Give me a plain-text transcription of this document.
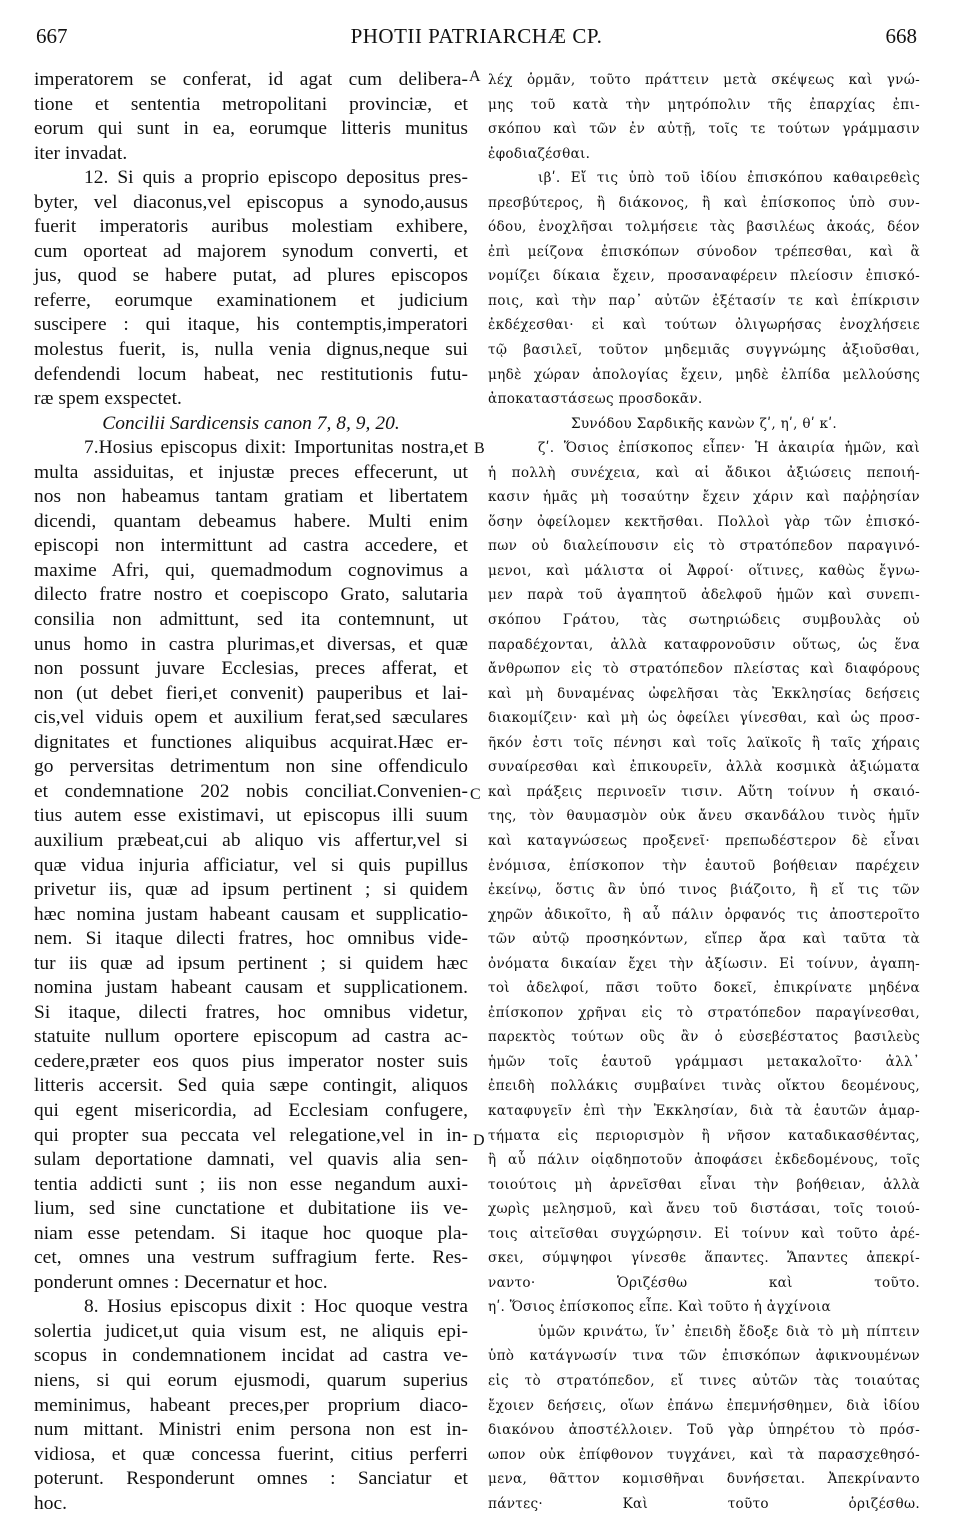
667	PHOTII PATRIARCHÆ CP.	668
imperatorem se conferat, id agat cum delibera-
tione et sententia metropolitani provinciæ, et
eorum qui sunt in ea, eorumque litteris munitus
iter invadat.
12. Si quis a proprio episcopo depositus pres-
byter, vel diaconus,vel episcopus a synodo,ausus
fuerit imperatoris auribus molestiam exhibere,
cum oporteat ad majorem synodum converti, et
jus, quod se habere putat, ad plures episcopos
referre, eorumque examinationem et judicium
suscipere : qui itaque, his contemptis,imperatori
molestus fuerit, is, nulla venia dignus,neque sui
defendendi locum habeat, nec restitutionis futu-
ræ spem exspectet.
Concilii Sardicensis canon 7, 8, 9, 20.
7.Hosius episcopus dixit: Importunitas nostra,et
multa assiduitas, et injustæ preces effecerunt, ut
nos non habeamus tantam gratiam et libertatem
dicendi, quantam debeamus habere. Multi enim
episcopi non intermittunt ad castra accedere, et
maxime Afri, qui, quemadmodum cognovimus a
dilecto fratre nostro et coepiscopo Grato, salutaria
consilia non admittunt, sed ita contemnunt, ut
unus homo in castra plurimas,et diversas, et quæ
non possunt juvare Ecclesias, preces afferat, et
non (ut debet fieri,et convenit) pauperibus et lai-
cis,vel viduis opem et auxilium ferat,sed sæculares
dignitates et functiones aliquibus acquirat.Hæc er-
go perversitas detrimentum non sine offendiculo
et condemnatione 202 nobis conciliat.Convenien-
tius autem esse existimavi, ut episcopus illi suum
auxilium præbeat,cui ab aliquo vis affertur,vel si
quæ vidua injuria afficiatur, vel si quis pupillus
privetur iis, quæ ad ipsum pertinent ; si quidem
hæc nomina justam habeant causam et supplicatio-
nem. Si itaque dilecti fratres, hoc omnibus vide-
tur iis quæ ad ipsum pertinent ; si quidem hæc
nomina justam habeant causam et supplicationem.
Si itaque, dilecti fratres, hoc omnibus videtur,
statuite nullum oportere episcopum ad castra ac-
cedere,præter eos quos pius imperator noster suis
litteris accersit. Sed quia sæpe contingit, aliquos
qui egent misericordia, ad Ecclesiam confugere,
qui propter sua peccata vel relegatione,vel in in-
sulam deportatione damnati, vel quavis alia sen-
tentia addicti sunt ; iis non esse negandum auxi-
lium, sed sine cunctatione et dubitatione iis ve-
niam esse petendam. Si itaque hoc quoque pla-
cet, omnes una vestrum suffragium ferte. Res-
ponderunt omnes : Decernatur et hoc.
8. Hosius episcopus dixit : Hoc quoque vestra
solertia judicet,ut quia visum est, ne aliquis epi-
scopus in condemnationem incidat ad castra ve-
niens, si qui eorum ejusmodi, quarum superius
meminimus, habeant preces,per proprium diaco-
num mittant. Ministri enim persona non est in-
vidiosa, et quæ concessa fuerint, citius perferri
poterunt. Responderunt omnes : Sanciatur et
hoc.
λέχ ὁρμᾶν, τοῦτο πράττειν μετὰ σκέψεως καὶ γνώ-
μης τοῦ κατὰ τὴν μητρόπολιν τῆς ἐπαρχίας ἐπι-
σκόπου καὶ τῶν ἐν αὐτῇ, τοῖς τε τούτων γράμμασιν
ἐφοδιαζέσθαι.
ιβʹ. Εἴ τις ὑπὸ τοῦ ἰδίου ἐπισκόπου καθαιρεθεὶς
πρεσβύτερος, ἢ διάκονος, ἢ καὶ ἐπίσκοπος ὑπὸ συν-
όδου, ἐνοχλῆσαι τολμήσειε τὰς βασιλέως ἀκοάς, δέον
ἐπὶ μείζονα ἐπισκόπων σύνοδον τρέπεσθαι, καὶ ἃ
νομίζει δίκαια ἔχειν, προσαναφέρειν πλείοσιν ἐπισκό-
ποις, καὶ τὴν παρ᾽ αὐτῶν ἐξέτασίν τε καὶ ἐπίκρισιν
ἐκδέχεσθαι· εἰ καὶ τούτων ὀλιγωρήσας ἐνοχλήσειε
τῷ βασιλεῖ, τοῦτον μηδεμιᾶς συγγνώμης ἀξιοῦσθαι,
μηδὲ χώραν ἀπολογίας ἔχειν, μηδὲ ἐλπίδα μελλούσης
ἀποκαταστάσεως προσδοκᾶν.
Συνόδου Σαρδικῆς κανὼν ζʹ, ηʹ, θʹ κʹ.
ζʹ. Ὅσιος ἐπίσκοπος εἶπεν· Ἡ ἀκαιρία ἡμῶν, καὶ
ἡ πολλὴ συνέχεια, καὶ αἱ ἄδικοι ἀξιώσεις πεποιή-
κασιν ἡμᾶς μὴ τοσαύτην ἔχειν χάριν καὶ παῤῥησίαν
ὅσην ὀφείλομεν κεκτῆσθαι. Πολλοὶ γὰρ τῶν ἐπισκό-
πων οὐ διαλείπουσιν εἰς τὸ στρατόπεδον παραγινό-
μενοι, καὶ μάλιστα οἱ Ἀφροί· οἵτινες, καθὼς ἔγνω-
μεν παρὰ τοῦ ἀγαπητοῦ ἀδελφοῦ ἡμῶν καὶ συνεπι-
σκόπου Γράτου, τὰς σωτηριώδεις συμβουλὰς οὐ
παραδέχονται, ἀλλὰ καταφρονοῦσιν οὕτως, ὡς ἕνα
ἄνθρωπον εἰς τὸ στρατόπεδον πλείστας καὶ διαφόρους
καὶ μὴ δυναμένας ὠφελῆσαι τὰς Ἐκκλησίας δεήσεις
διακομίζειν· καὶ μὴ ὡς ὀφείλει γίνεσθαι, καὶ ὡς προσ-
ῆκόν ἐστι τοῖς πένησι καὶ τοῖς λαϊκοῖς ἢ ταῖς χήραις
συναίρεσθαι καὶ ἐπικουρεῖν, ἀλλὰ κοσμικὰ ἀξιώματα
καὶ πράξεις περινοεῖν τισιν. Αὕτη τοίνυν ἡ σκαιό-
της, τὸν θαυμασμὸν οὐκ ἄνευ σκανδάλου τινὸς ἡμῖν
καὶ καταγνώσεως προξενεῖ· πρεπωδέστερον δὲ εἶναι
ἐνόμισα, ἐπίσκοπον τὴν ἑαυτοῦ βοήθειαν παρέχειν
ἐκείνῳ, ὅστις ἂν ὑπό τινος βιάζοιτο, ἢ εἴ τις τῶν
χηρῶν ἀδικοῖτο, ἢ αὖ πάλιν ὀρφανός τις ἀποστεροῖτο
τῶν αὐτῷ προσηκόντων, εἴπερ ἄρα καὶ ταῦτα τὰ
ὀνόματα δικαίαν ἔχει τὴν ἀξίωσιν. Εἰ τοίνυν, ἀγαπη-
τοὶ ἀδελφοί, πᾶσι τοῦτο δοκεῖ, ἐπικρίνατε μηδένα
ἐπίσκοπον χρῆναι εἰς τὸ στρατόπεδον παραγίνεσθαι,
παρεκτὸς τούτων οὓς ἂν ὁ εὐσεβέστατος βασιλεὺς
ἡμῶν τοῖς ἑαυτοῦ γράμμασι μετακαλοῖτο· ἀλλ᾽
ἐπειδὴ πολλάκις συμβαίνει τινὰς οἴκτου δεομένους,
καταφυγεῖν ἐπὶ τὴν Ἐκκλησίαν, διὰ τὰ ἑαυτῶν ἁμαρ-
τήματα εἰς περιορισμὸν ἢ νῆσον καταδικασθέντας,
ἢ αὖ πάλιν οἱᾳδηποτοῦν ἀποφάσει ἐκδεδομένους, τοῖς
τοιούτοις μὴ ἀρνεῖσθαι εἶναι τὴν βοήθειαν, ἀλλὰ
χωρὶς μελησμοῦ, καὶ ἄνευ τοῦ διστάσαι, τοῖς τοιού-
τοις αἰτεῖσθαι συγχώρησιν. Εἰ τοίνυν καὶ τοῦτο ἀρέ-
σκει, σύμψηφοι γίνεσθε ἅπαντες. Ἅπαντες ἀπεκρί-
ναντο· Ὁριζέσθω καὶ τοῦτο.
ηʹ. Ὅσιος ἐπίσκοπος εἶπε. Καὶ τοῦτο ἡ ἀγχίνοια
ὑμῶν κρινάτω, ἵν᾽ ἐπειδὴ ἔδοξε διὰ τὸ μὴ πίπτειν
ὑπὸ κατάγνωσίν τινα τῶν ἐπισκόπων ἀφικνουμένων
εἰς τὸ στρατόπεδον, εἴ τινες αὐτῶν τὰς τοιαύτας
ἔχοιεν δεήσεις, οἵων ἐπάνω ἐπεμνήσθημεν, διὰ ἰδίου
διακόνου ἀποστέλλοιεν. Τοῦ γὰρ ὑπηρέτου τὸ πρόσ-
ωπον οὐκ ἐπίφθονον τυγχάνει, καὶ τὰ παρασχεθησό-
μενα, θᾶττον κομισθῆναι δυνήσεται. Ἀπεκρίναντο
πάντες· Καὶ τοῦτο ὁριζέσθω.
A
B
C
D
